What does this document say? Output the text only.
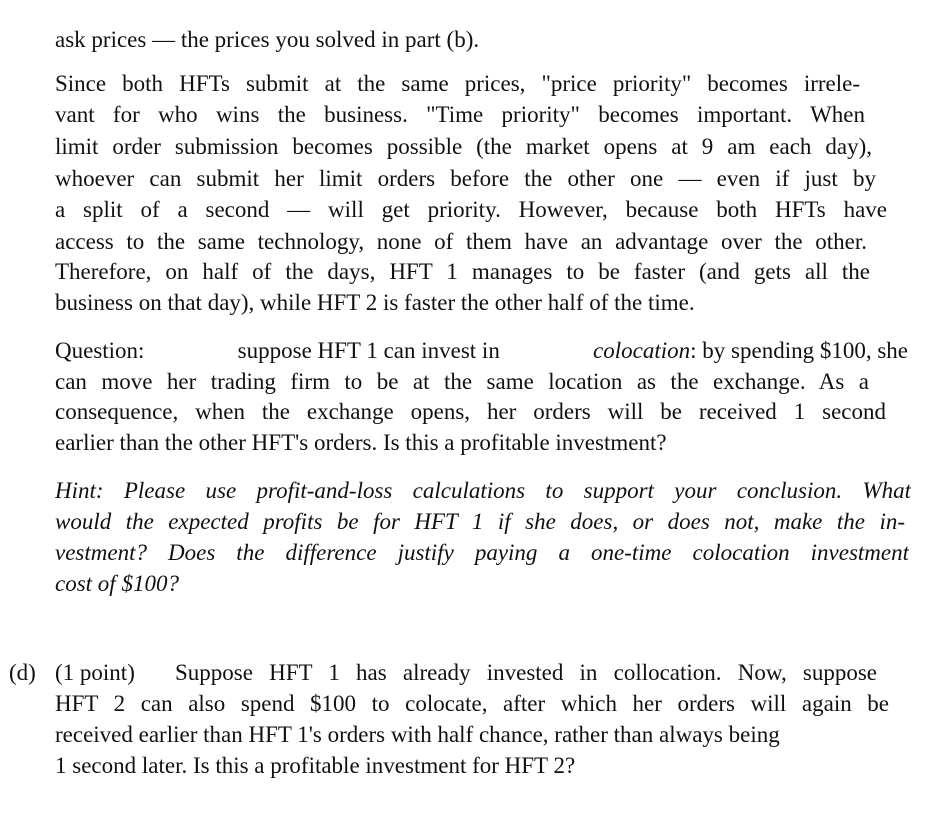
ask prices — the prices you solved in part (b).
Since both HFTs submit at the same prices, "price priority" becomes irrele-
vant for who wins the business. "Time priority" becomes important. When
limit order submission becomes possible (the market opens at 9 am each day),
whoever can submit her limit orders before the other one — even if just by
a split of a second — will get priority. However, because both HFTs have
access to the same technology, none of them have an advantage over the other.
Therefore, on half of the days, HFT 1 manages to be faster (and gets all the
business on that day), while HFT 2 is faster the other half of the time.
Question:	suppose HFT 1 can invest in	colocation : by spending $100, she
can move her trading firm to be at the same location as the exchange. As a
consequence, when the exchange opens, her orders will be received 1 second
earlier than the other HFT's orders. Is this a profitable investment?
Hint: Please use profit-and-loss calculations to support your conclusion. What
would the expected profits be for HFT 1 if she does, or does not, make the in-
vestment? Does the difference justify paying a one-time colocation investment
cost of $100?
(d) (1 point) Suppose HFT 1 has already invested in collocation. Now, suppose
HFT 2 can also spend $100 to colocate, after which her orders will again be
received earlier than HFT 1's orders with half chance, rather than always being
1 second later. Is this a profitable investment for HFT 2?
